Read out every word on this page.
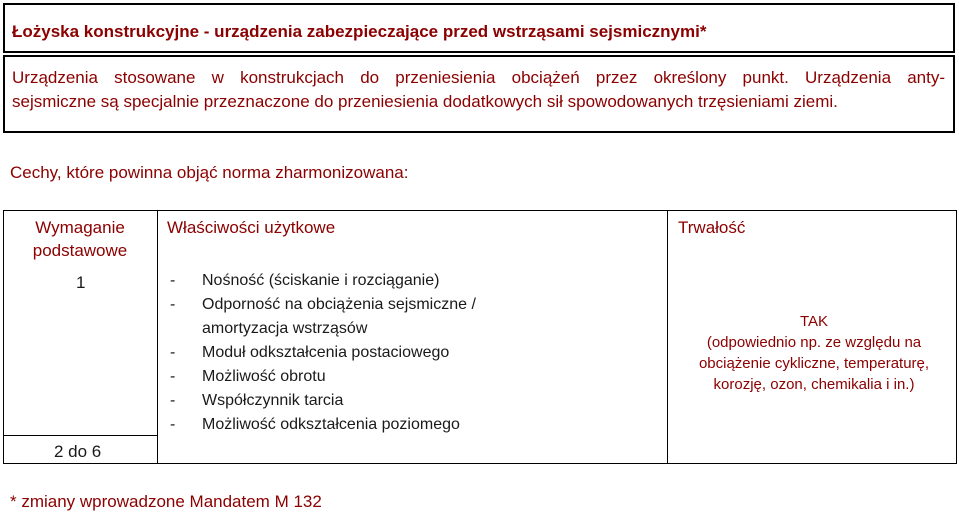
Łożyska konstrukcyjne - urządzenia zabezpieczające przed wstrząsami sejsmicznymi*
Urządzenia stosowane w konstrukcjach do przeniesienia obciążeń przez określony punkt. Urządzenia anty-
sejsmiczne są specjalnie przeznaczone do przeniesienia dodatkowych sił spowodowanych trzęsieniami ziemi.
Cechy, które powinna objąć norma zharmonizowana:
Wymaganie podstawowe
Właściwości użytkowe	Trwałość
1
2 do 6
- Nośność (ściskanie i rozciąganie)
- Odporność na obciążenia sejsmiczne / amortyzacja wstrząsów
- Moduł odkształcenia postaciowego
- Możliwość obrotu
- Współczynnik tarcia
- Możliwość odkształcenia poziomego
TAK
(odpowiednio np. ze względu na
obciążenie cykliczne, temperaturę,
korozję, ozon, chemikalia i in.)
* zmiany wprowadzone Mandatem M 132
